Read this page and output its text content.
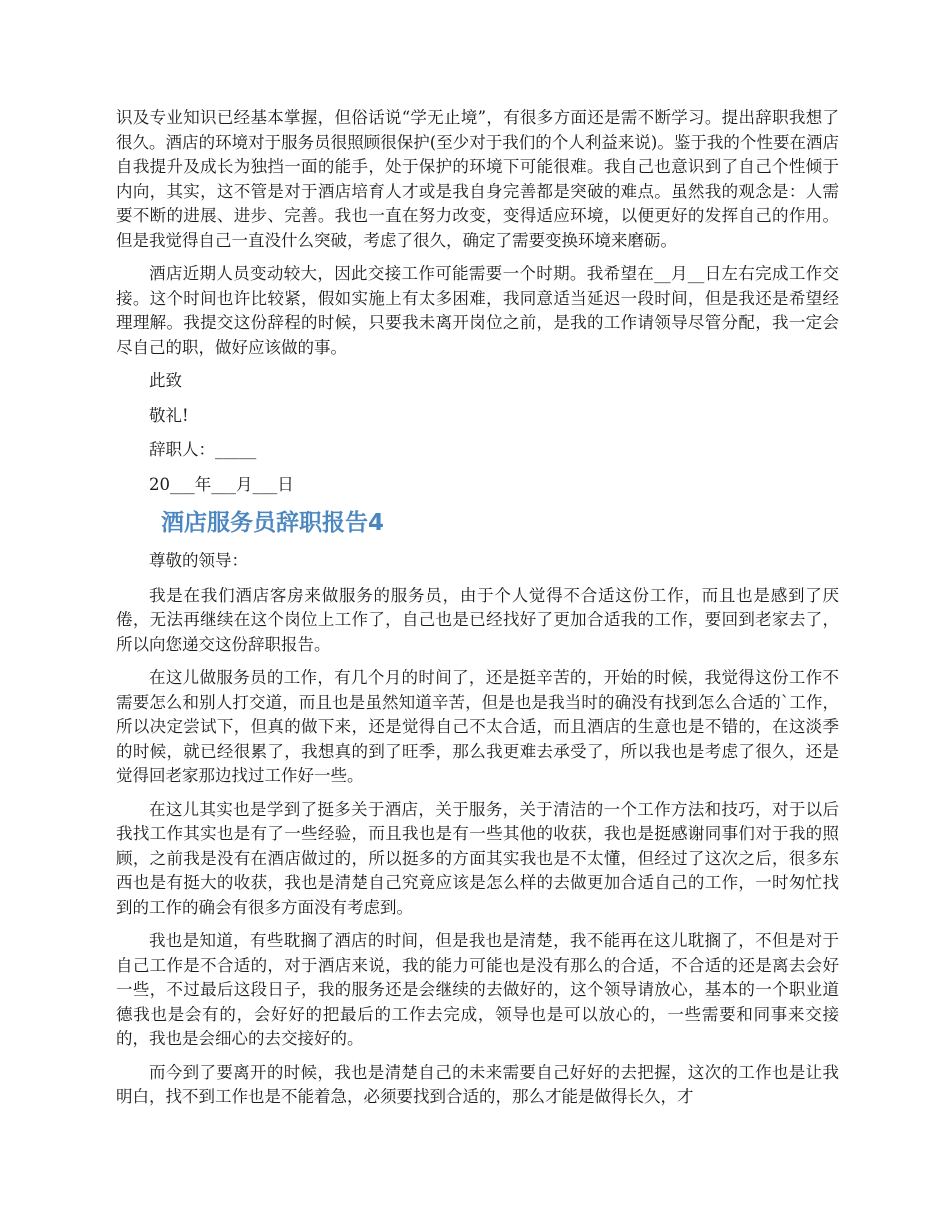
识及专业知识已经基本掌握，但俗话说“学无止境”，有很多方面还是需不断学习。提出辞职我想了很久。酒店的环境对于服务员很照顾很保护(至少对于我们的个人利益来说)。鉴于我的个性要在酒店自我提升及成长为独挡一面的能手，处于保护的环境下可能很难。我自己也意识到了自己个性倾于内向，其实，这不管是对于酒店培育人才或是我自身完善都是突破的难点。虽然我的观念是：人需要不断的进展、进步、完善。我也一直在努力改变，变得适应环境，以便更好的发挥自己的作用。但是我觉得自己一直没什么突破，考虑了很久，确定了需要变换环境来磨砺。

酒店近期人员变动较大，因此交接工作可能需要一个时期。我希望在__月__日左右完成工作交接。这个时间也许比较紧，假如实施上有太多困难，我同意适当延迟一段时间，但是我还是希望经理理解。我提交这份辞程的时候，只要我未离开岗位之前，是我的工作请领导尽管分配，我一定会尽自己的职，做好应该做的事。

此致

敬礼!

辞职人：_____

20___年___月___日

酒店服务员辞职报告4

尊敬的领导：

我是在我们酒店客房来做服务的服务员，由于个人觉得不合适这份工作，而且也是感到了厌倦，无法再继续在这个岗位上工作了，自己也是已经找好了更加合适我的工作，要回到老家去了，所以向您递交这份辞职报告。

在这儿做服务员的工作，有几个月的时间了，还是挺辛苦的，开始的时候，我觉得这份工作不需要怎么和别人打交道，而且也是虽然知道辛苦，但是也是我当时的确没有找到怎么合适的`工作，所以决定尝试下，但真的做下来，还是觉得自己不太合适，而且酒店的生意也是不错的，在这淡季的时候，就已经很累了，我想真的到了旺季，那么我更难去承受了，所以我也是考虑了很久，还是觉得回老家那边找过工作好一些。

在这儿其实也是学到了挺多关于酒店，关于服务，关于清洁的一个工作方法和技巧，对于以后我找工作其实也是有了一些经验，而且我也是有一些其他的收获，我也是挺感谢同事们对于我的照顾，之前我是没有在酒店做过的，所以挺多的方面其实我也是不太懂，但经过了这次之后，很多东西也是有挺大的收获，我也是清楚自己究竟应该是怎么样的去做更加合适自己的工作，一时匆忙找到的工作的确会有很多方面没有考虑到。

我也是知道，有些耽搁了酒店的时间，但是我也是清楚，我不能再在这儿耽搁了，不但是对于自己工作是不合适的，对于酒店来说，我的能力可能也是没有那么的合适，不合适的还是离去会好一些，不过最后这段日子，我的服务还是会继续的去做好的，这个领导请放心，基本的一个职业道德我也是会有的，会好好的把最后的工作去完成，领导也是可以放心的，一些需要和同事来交接的，我也是会细心的去交接好的。

而今到了要离开的时候，我也是清楚自己的未来需要自己好好的去把握，这次的工作也是让我明白，找不到工作也是不能着急，必须要找到合适的，那么才能是做得长久，才
